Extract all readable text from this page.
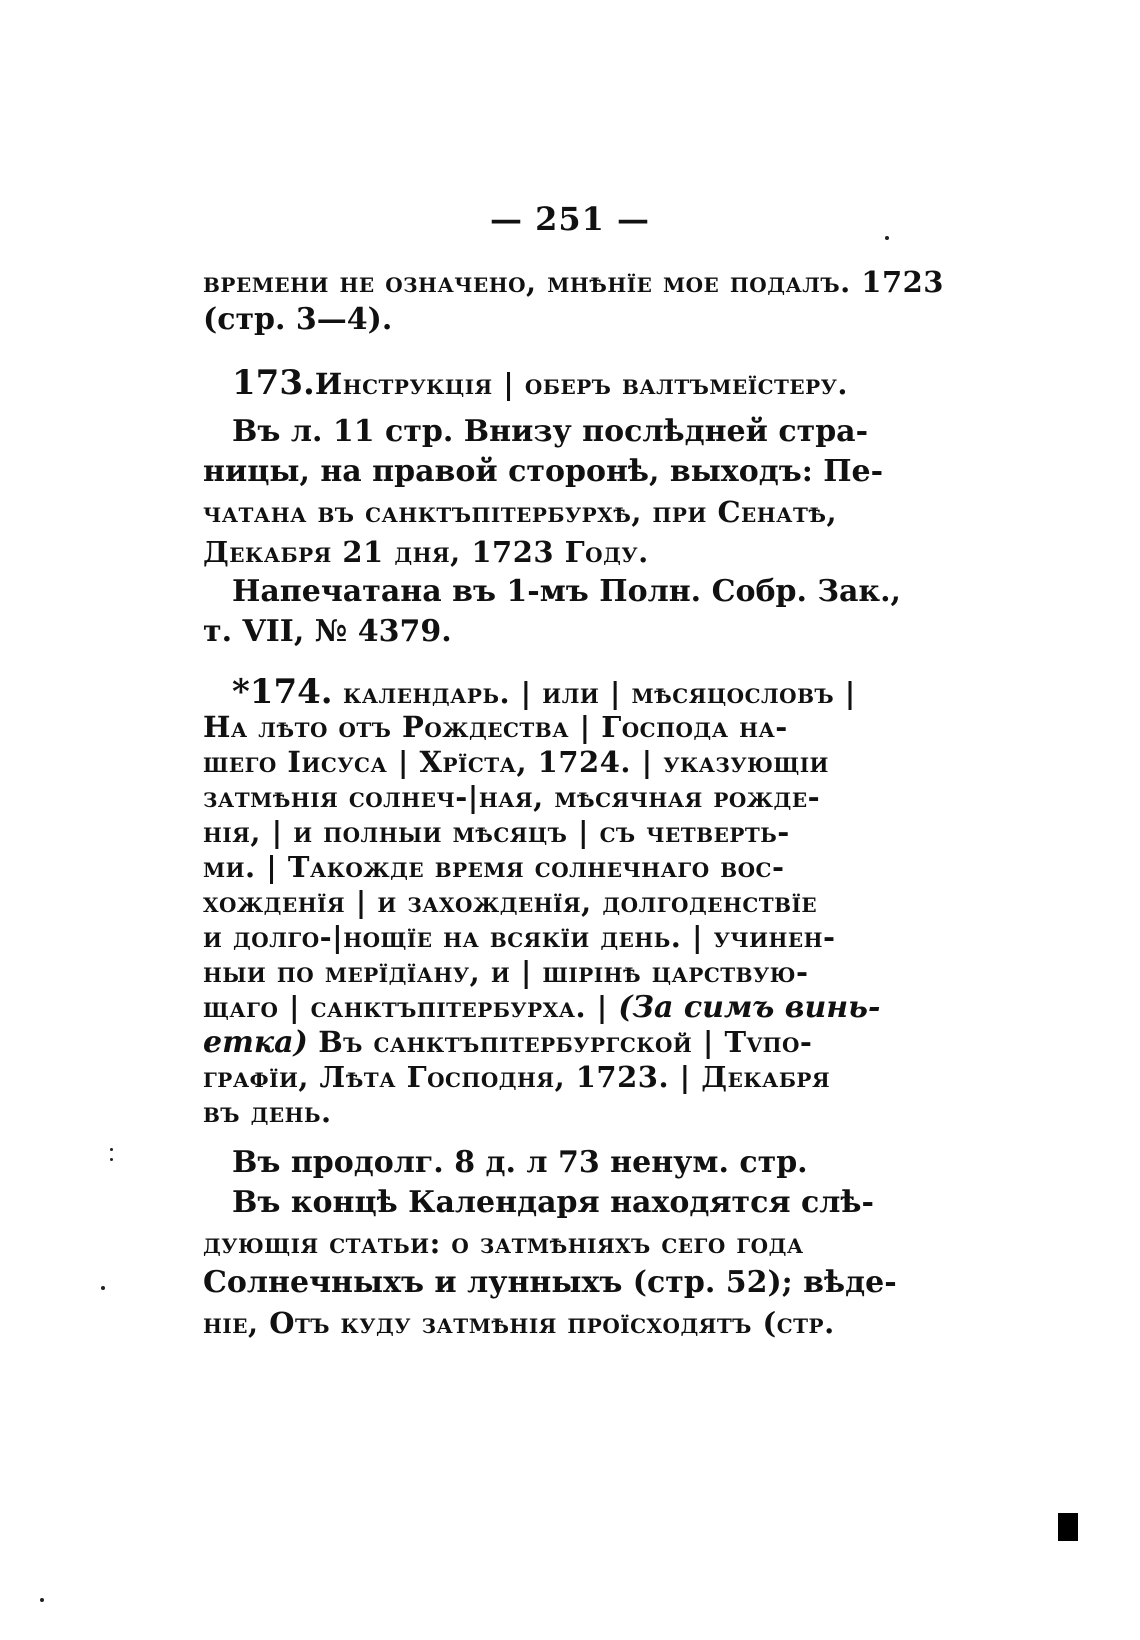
— 251 —
времени не означено, мнѣнïе мое подалъ. 1723
(стр. 3—4).
173.Инструкцiя | оберъ валтъмеïстеру.
Въ л. 11 стр. Внизу послѣдней стра-
ницы, на правой сторонѣ, выходъ: Пе-
чатана въ санктъпiтербурхѣ, при Сенатѣ,
Декабря 21 дня, 1723 Году.
Напечатана въ 1-мъ Полн. Собр. Зак.,
т. VII, № 4379.
*174. календарь. | или | мѣсяцословъ |
На лѣто отъ Рождества | Господа на-
шего Iисуса | Хрïста, 1724. | указующiи
затмѣнiя солнеч-|ная, мѣсячная рожде-
нiя, | и полныи мѣсяцъ | съ четверть-
ми. | Такожде время солнечнаго вос-
хожденïя | и захожденïя, долгоденствïе
и долго-|нощïе на всякïи день. | учинен-
ныи по мерïдïану, и | шiрiнѣ царствую-
щаго | санктъпiтербурха. | (За симъ винь-
етка) Въ санктъпiтербургской | Тvпо-
графïи, Лѣта Господня, 1723. | Декабря
въ день.
Въ продолг. 8 д. л 73 ненум. стр.
Въ концѣ Календаря находятся слѣ-
дующiя статьи: о затмѣнiяхъ сего года
Солнечныхъ и лунныхъ (стр. 52); вѣде-
нiе, Отъ куду затмѣнiя проïсходятъ (стр.
